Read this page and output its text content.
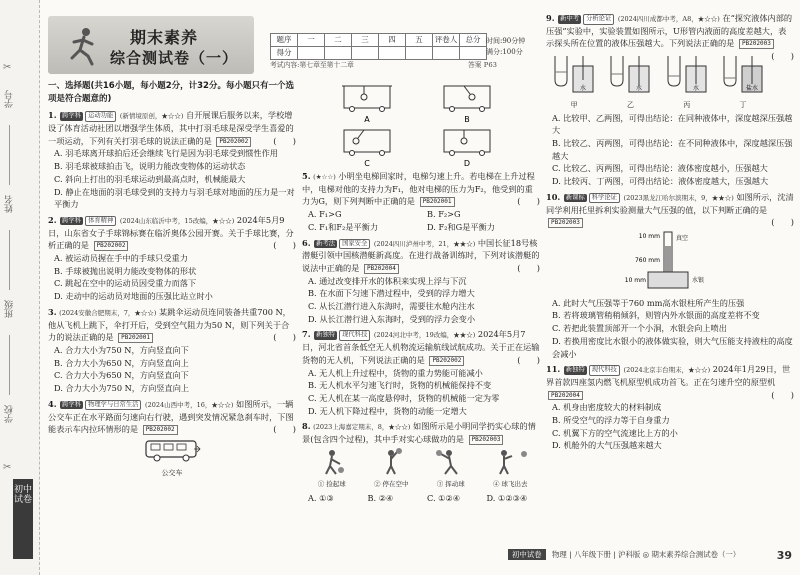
✂
学号
姓名
班级
学校
✂
初中试卷
期末素养
综合测试卷（一）
题序	一	二	三	四	五	评卷人	总分
得分							
时间:90分钟
满分:100分
考试内容:第七章至第十二章	答案 P63
一、选择题(共16小题，每小题2分，计32分。每小题只有一个选项是符合题意的)
1. 跨学科 运动功能 (新情境原创，★☆☆) 自开展课后服务以来，学校增设了体育活动社团以增强学生体质，其中打羽毛球是深受学生喜爱的一项运动，下列有关打羽毛球的说法正确的是 PB202002	(　　)
A. 羽毛球离开球拍后还会继续飞行是因为羽毛球受到惯性作用
B. 羽毛球被球拍击飞，说明力能改变物体的运动状态
C. 斜向上打出的羽毛球运动到最高点时，机械能最大
D. 静止在地面的羽毛球受到的支持力与羽毛球对地面的压力是一对平衡力
2. 跨学科 体育精神 (2024山东临沂中考，15改编，★☆☆) 2024年5月9日，山东省女子手球锦标赛在临沂奥体公园开赛。关于手球比赛，分析正确的是 PB202002	(　　)
A. 被运动员握在手中的手球只受重力
B. 手球被抛出说明力能改变物体的形状
C. 跳起在空中的运动员因受重力而落下
D. 走动中的运动员对地面的压强比站立时小
3. (2024安徽合肥期末，7，★☆☆) 某跳伞运动员连同装备共重700 N，他从飞机上跳下，伞打开后，受到空气阻力为50 N，则下列关于合力的说法正确的是 PB202001	(　　)
A. 合力大小为750 N，方向竖直向下
B. 合力大小为650 N，方向竖直向上
C. 合力大小为650 N，方向竖直向下
D. 合力大小为750 N，方向竖直向上
4. 跨学科 物理学与日常生活 (2024山西中考，16，★☆☆) 如图所示，一辆公交车正在水平路面匀速向右行驶，遇到突发情况紧急刹车时，下图能表示车内拉环情形的是 PB202002	(　　)
公交车
A	B
C	D
5. (★☆☆) 小明坐电梯回家时，电梯匀速上升。若电梯在上升过程中，电梯对他的支持力为F₁，他对电梯的压力为F₂，他受到的重力为G，则下列判断中正确的是 PB202001	(　　)
A. F₁>G	B. F₂>G
C. F₁和F₂是平衡力	D. F₂和G是平衡力
6. 新考法 国家安全 (2024四川泸州中考，21，★★☆) 中国长征18号核潜艇引领中国核潜艇新高度。在进行战备训练时，下列对该潜艇的说法中正确的是 PB202004	(　　)
A. 通过改变排开水的体积来实现上浮与下沉
B. 在水面下匀速下潜过程中，受到的浮力增大
C. 从长江潜行进入东海时，需要往水舱内注水
D. 从长江潜行进入东海时，受到的浮力会变小
7. 新独特 现代科技 (2024河北中考，19改编，★★☆) 2024年5月7日，河北省首条低空无人机物流运输航线试航成功。关于正在运输货物的无人机，下列说法正确的是 PB202002	(　　)
A. 无人机上升过程中，货物的重力势能可能减小
B. 无人机水平匀速飞行时，货物的机械能保持不变
C. 无人机在某一高度悬停时，货物的机械能一定为零
D. 无人机下降过程中，货物的动能一定增大
8. (2023上海嘉定期末，8，★☆☆) 如图所示是小明同学扔实心球的情景(包含四个过程)，其中手对实心球做功的是 PB202003
① 捡起球	② 停在空中	③ 挥动球	④ 球飞出去
A. ①③	B. ②④	C. ①②④	D. ①②③④
9. 新中考 分析论证 (2024四川成都中考，A8，★☆☆) 在“探究液体内部的压强”实验中，实验装置如图所示，U形管内液面的高度差越大，表示探头所在位置的液体压强越大。下列说法正确的是 PB202003
(　　)
水
甲
水
乙
水
丙
盐水
丁
A. 比较甲、乙两图，可得出结论：在同种液体中，深度越深压强越大
B. 比较乙、丙两图，可得出结论：在不同种液体中，深度越深压强越大
C. 比较乙、丙两图，可得出结论：液体密度越小，压强越大
D. 比较丙、丁两图，可得出结论：液体密度越大，压强越大
10. 新课标 科学论证 (2023黑龙江哈尔滨期末，9，★★☆) 如图所示，沈清同学利用托里拆利实验测量大气压强的值，以下判断正确的是 PB202003	(　　)
10 mm
760 mm
真空
10 mm	水银
A. 此时大气压强等于760 mm高水银柱所产生的压强
B. 若将玻璃管稍稍倾斜，则管内外水银面的高度差将不变
C. 若把此装置顶部开一个小洞，水银会向上喷出
D. 若换用密度比水银小的液体做实验，则大气压能支持液柱的高度会减小
11. 新独特 现代科技 (2024北京丰台期末，★☆☆) 2024年1月29日，世界首款四座氢内燃飞机原型机成功首飞。正在匀速升空的原型机 PB202004	(　　)
A. 机身由密度较大的材料制成
B. 所受空气的浮力等于自身重力
C. 机翼下方的空气流速比上方的小
D. 机舱外的大气压强越来越大
初中试卷 物理 | 八年级下册 | 沪科版 ◎ 期末素养综合测试卷（一）	39
